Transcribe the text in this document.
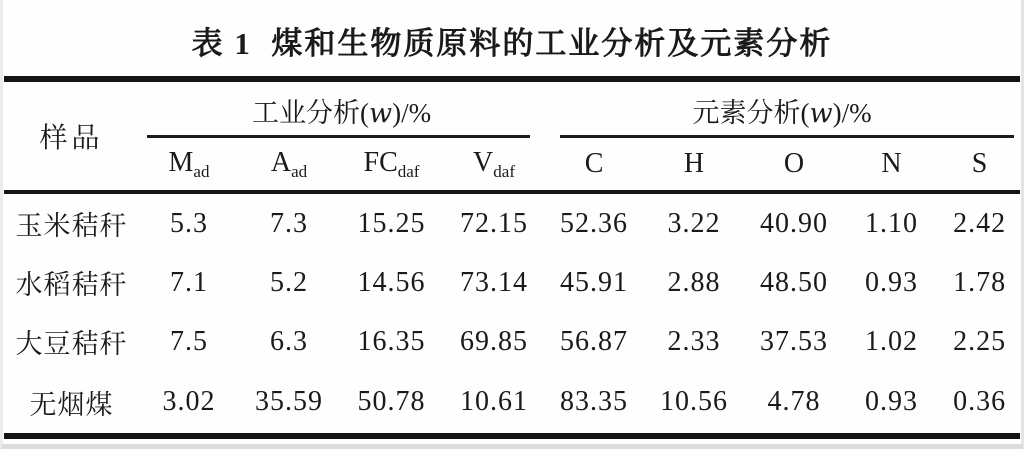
表 1  煤和生物质原料的工业分析及元素分析
样品	工业分析(w)/%				元素分析(w)/%				

	$M_{ad}$	$A_{ad}$	$FC_{daf}$	$V_{daf}$	C	H	O	N	S
玉米秸秆	5.3	7.3	15.25	72.15	52.36	3.22	40.90	1.10	2.42
水稻秸秆	7.1	5.2	14.56	73.14	45.91	2.88	48.50	0.93	1.78
大豆秸秆	7.5	6.3	16.35	69.85	56.87	2.33	37.53	1.02	2.25
无烟煤	3.02	35.59	50.78	10.61	83.35	10.56	4.78	0.93	0.36
